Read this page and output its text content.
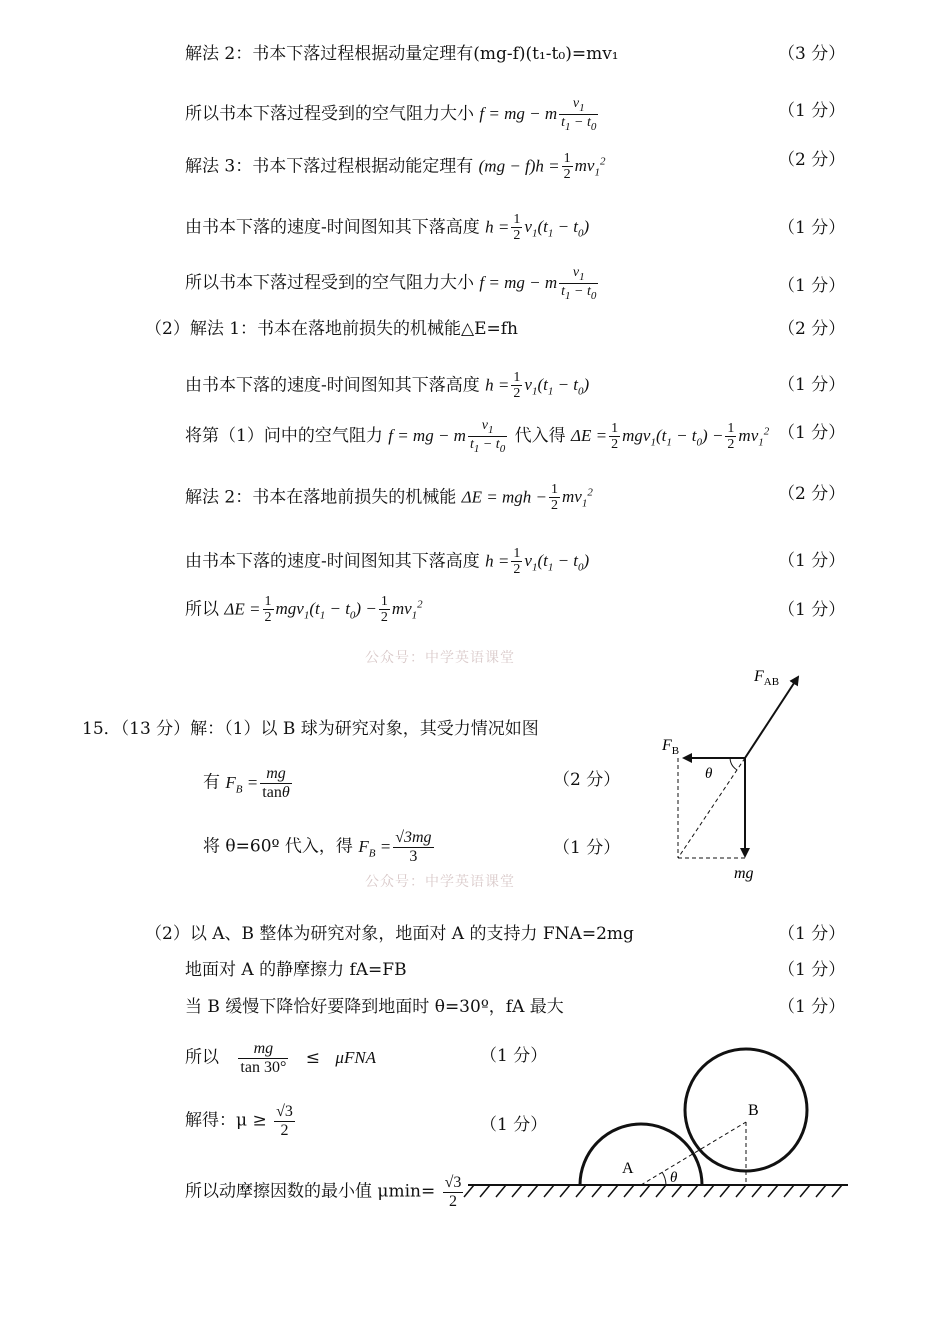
解法 2：书本下落过程根据动量定理有(mg-f)(t₁-t₀)=mv₁	（3 分）
所以书本下落过程受到的空气阻力大小 f = mg − m $\frac{v_1}{t_1 - t_0}$	（1 分）
解法 3：书本下落过程根据动能定理有 $(mg - f)h = \frac{1}{2} mv_1^2$	（2 分）
由书本下落的速度-时间图知其下落高度 $h = \frac{1}{2} v_1(t_1 - t_0)$	（1 分）
所以书本下落过程受到的空气阻力大小 f = mg − m $\frac{v_1}{t_1 - t_0}$	（1 分）
（2）解法 1：书本在落地前损失的机械能△E=fh	（2 分）
由书本下落的速度-时间图知其下落高度 $h = \frac{1}{2} v_1(t_1 - t_0)$	（1 分）
将第（1）问中的空气阻力 f = mg − m $\frac{v_1}{t_1 - t_0}$ 代入得 $\Delta E = \frac{1}{2} mgv_1(t_1 - t_0) - \frac{1}{2} mv_1^2$ （1 分）
解法 2：书本在落地前损失的机械能 ΔE = mgh − $\frac{1}{2} mv_1^2$	（2 分）
由书本下落的速度-时间图知其下落高度 $h = \frac{1}{2} v_1(t_1 - t_0)$	（1 分）
所以 $\Delta E = \frac{1}{2} mgv_1(t_1 - t_0) - \frac{1}{2} mv_1^2$	（1 分）
公众号：中学英语课堂
15．（13 分）解：（1）以 B 球为研究对象，其受力情况如图
有 $F_B = \frac{mg}{\tan\theta}$	（2 分）
将 θ=60º 代入，得 $F_B = \frac{√3mg}{3}$	（1 分）
公众号：中学英语课堂
$F_{AB}$
$F_B$
θ
mg
（2）以 A、B 整体为研究对象，地面对 A 的支持力 FNA=2mg	（1 分）
地面对 A 的静摩擦力 fA=FB	（1 分）
当 B 缓慢下降恰好要降到地面时 θ=30º，fA 最大	（1 分）
所以 $\frac{mg}{\tan 30^\circ} \le \mu FNA$	（1 分）
解得：$\mu \ge \frac{√3}{2}$	（1 分）
所以动摩擦因数的最小值 $\mu\min= \frac{√3}{2}$
A
B
θ
